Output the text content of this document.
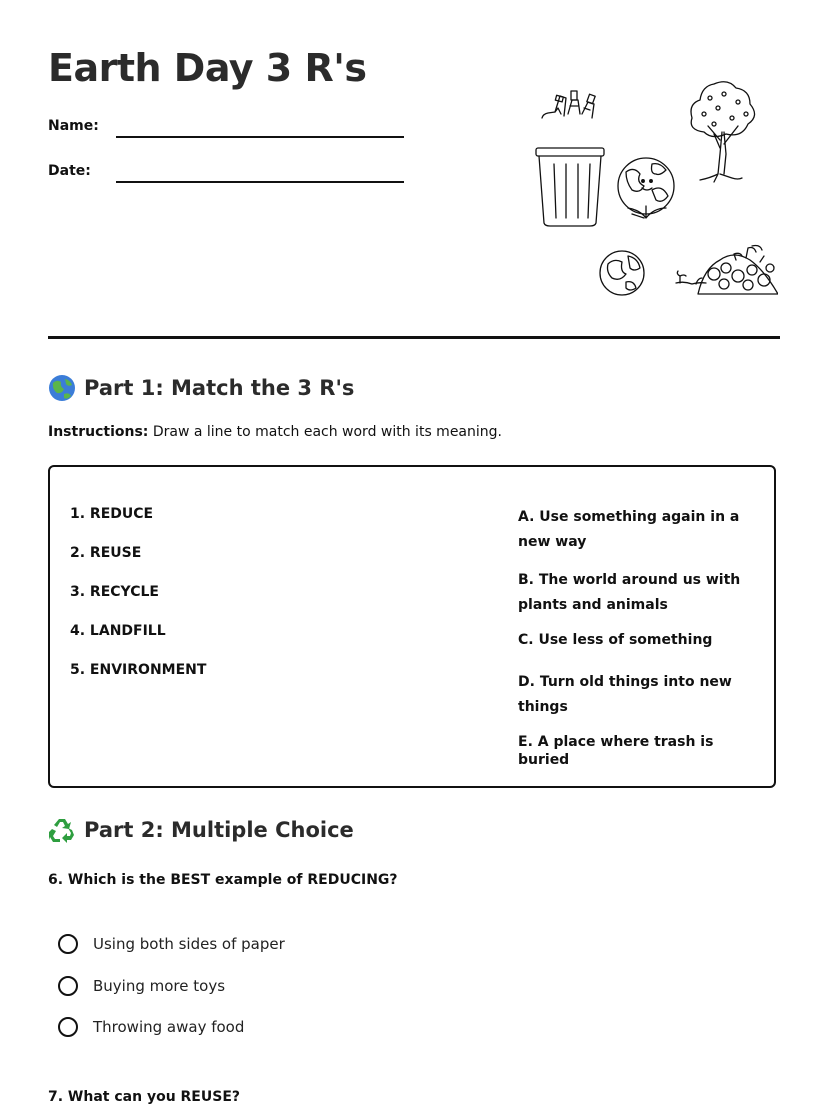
Earth Day 3 R's
Name:
Date:
Part 1: Match the 3 R's
Instructions: Draw a line to match each word with its meaning.
1. REDUCE
2. REUSE
3. RECYCLE
4. LANDFILL
5. ENVIRONMENT
A. Use something again in a new way
B. The world around us with plants and animals
C. Use less of something
D. Turn old things into new things
E. A place where trash is buried
Part 2: Multiple Choice
6. Which is the BEST example of REDUCING?
Using both sides of paper
Buying more toys
Throwing away food
7. What can you REUSE?
